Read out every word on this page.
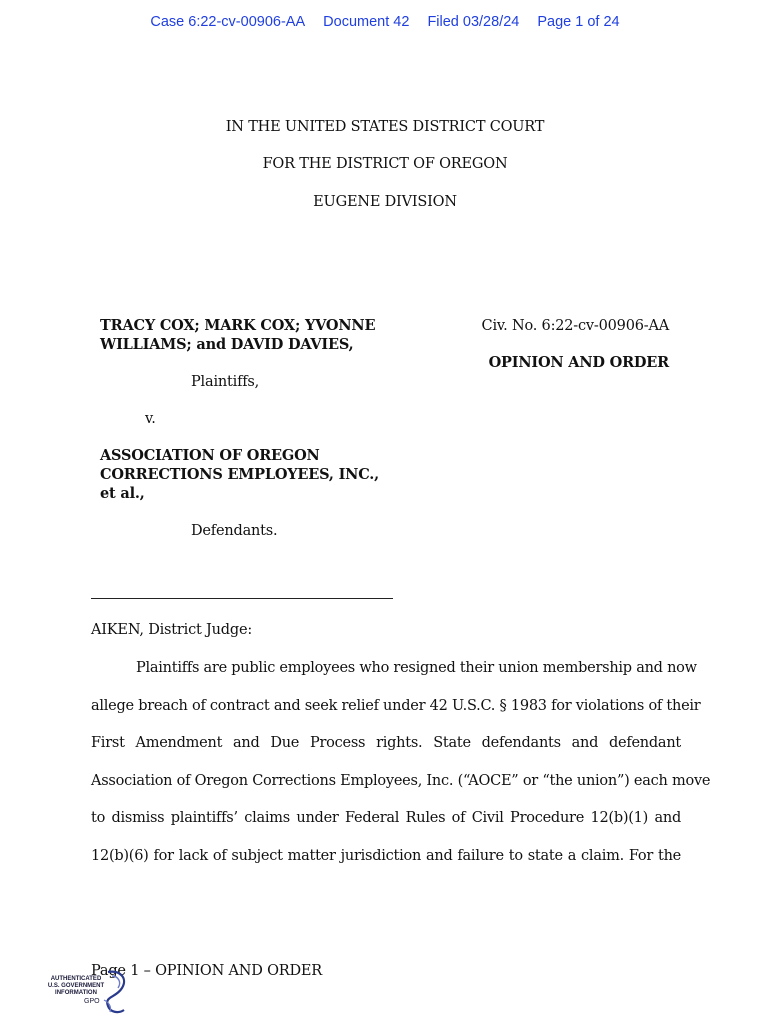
Case 6:22-cv-00906-AA Document 42 Filed 03/28/24 Page 1 of 24
IN THE UNITED STATES DISTRICT COURT
FOR THE DISTRICT OF OREGON
EUGENE DIVISION
TRACY COX; MARK COX; YVONNE
WILLIAMS; and DAVID DAVIES,
Plaintiffs,
v.
ASSOCIATION OF OREGON
CORRECTIONS EMPLOYEES, INC.,
et al.,
Defendants.
Civ. No. 6:22-cv-00906-AA
OPINION AND ORDER
AIKEN, District Judge:
Plaintiffs are public employees who resigned their union membership and now
allege breach of contract and seek relief under 42 U.S.C. § 1983 for violations of their
First Amendment and Due Process rights. State defendants and defendant
Association of Oregon Corrections Employees, Inc. (“AOCE” or “the union”) each move
to dismiss plaintiffs’ claims under Federal Rules of Civil Procedure 12(b)(1) and
12(b)(6) for lack of subject matter jurisdiction and failure to state a claim. For the
Page 1 – OPINION AND ORDER
AUTHENTICATED
U.S. GOVERNMENT
INFORMATION
GPO
